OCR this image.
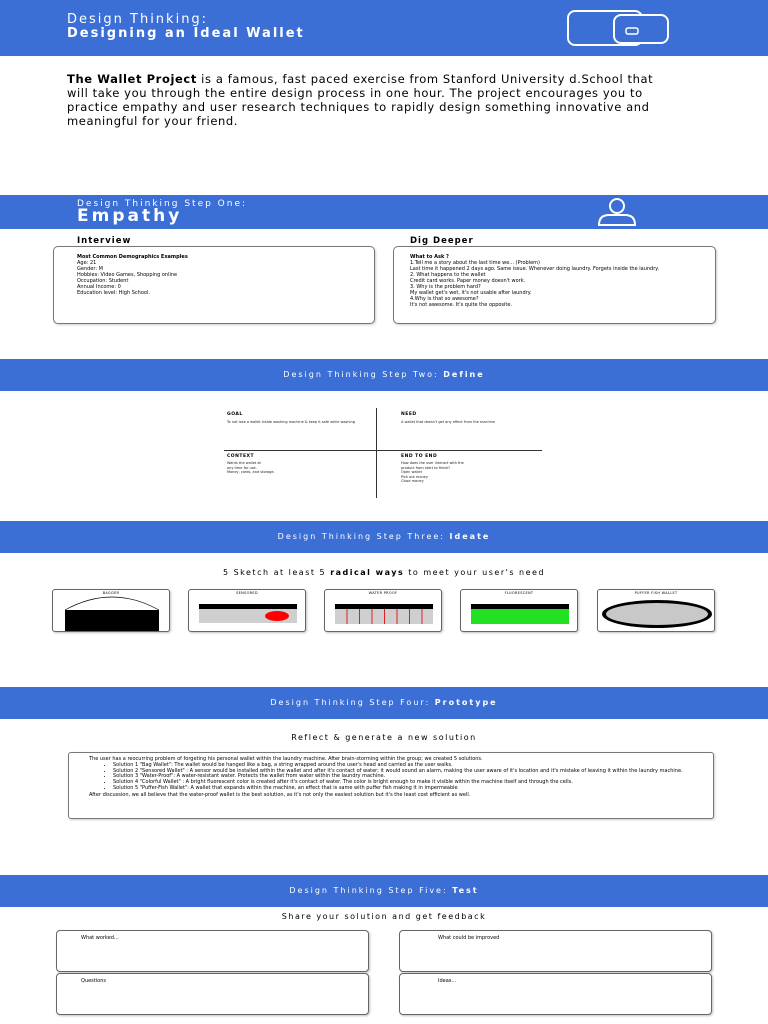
Design Thinking:
Designing an Ideal Wallet
The Wallet Project is a famous, fast paced exercise from Stanford University d.School that will take you through the entire design process in one hour. The project encourages you to practice empathy and user research techniques to rapidly design something innovative and meaningful for your friend.
Design Thinking Step One:
Empathy
Interview	Dig Deeper
Most Common Demographics Examples
Age: 21
Gender: M
Hobbies: Video Games, Shopping online
Occupation: Student
Annual Income: 0
Education level: High School.
What to Ask ?
1.Tell me a story about the last time we... (Problem)
Last time it happened 2 days ago. Same issue. Whenever doing laundry. Forgets inside the laundry.
2. What happens to the wallet
Credit card works. Paper money doesn't work.
3. Why is the problem hard?
My wallet get's wet, it's not usable after laundry.
4.Why is that so awesome?
It's not awesome. It's quite the opposite.
Design Thinking Step Two: Define
GOAL
To not lose a wallet inside washing machine & keep it safe while washing
NEED
A wallet that doesn't get any effect from the machine
CONTEXT
Wants the wallet at
any time for use.
Money, cards, and storage.
END TO END
How does the user interact with the
product from start to finish?
Open wallet
Pick out money
Close money
Design Thinking Step Three: Ideate
5 Sketch at least 5 radical ways to meet your user's need
BAGGER	SENSORED	WATER PROOF	FLUORESCENT	PUFFER FISH WALLET
Design Thinking Step Four: Prototype
Reflect & generate a new solution

The user has a reocurring problem of forgeting his personal wallet within the laundry machine. After brain-storming within the group; we created 5 solutions.

• Solution 1 "Bag Wallet": The wallet would be hanged like a bag, a string wrapped around the user's head and carried as the user walks.
• Solution 2 "Sensored Wallet" : A sensor would be installed within the wallet and after it's contact of water; it would sound an alarm, making the user aware of it's location and it's mistake of leaving it within the laundry machine.
• Solution 3 "Water-Proof": A water-resistant water. Protects the wallet from water within the laundry machine.
• Solution 4 "Colorful Wallet" : A bright fluorescent color is created after it's contact of water. The color is bright enough to make it visible within the machine itself and through the cells.
• Solution 5 "Puffer-Fish Wallet": A wallet that expands within the machine, an effect that is same with puffer fish making it in impermeable

After discussion, we all believe that the water-proof wallet is the best solution, as it's not only the easiest solution but it's the least cost efficient as well.

Design Thinking Step Five: Test
Share your solution and get feedback
What worked...	What could be improved
Questions	Ideas...
